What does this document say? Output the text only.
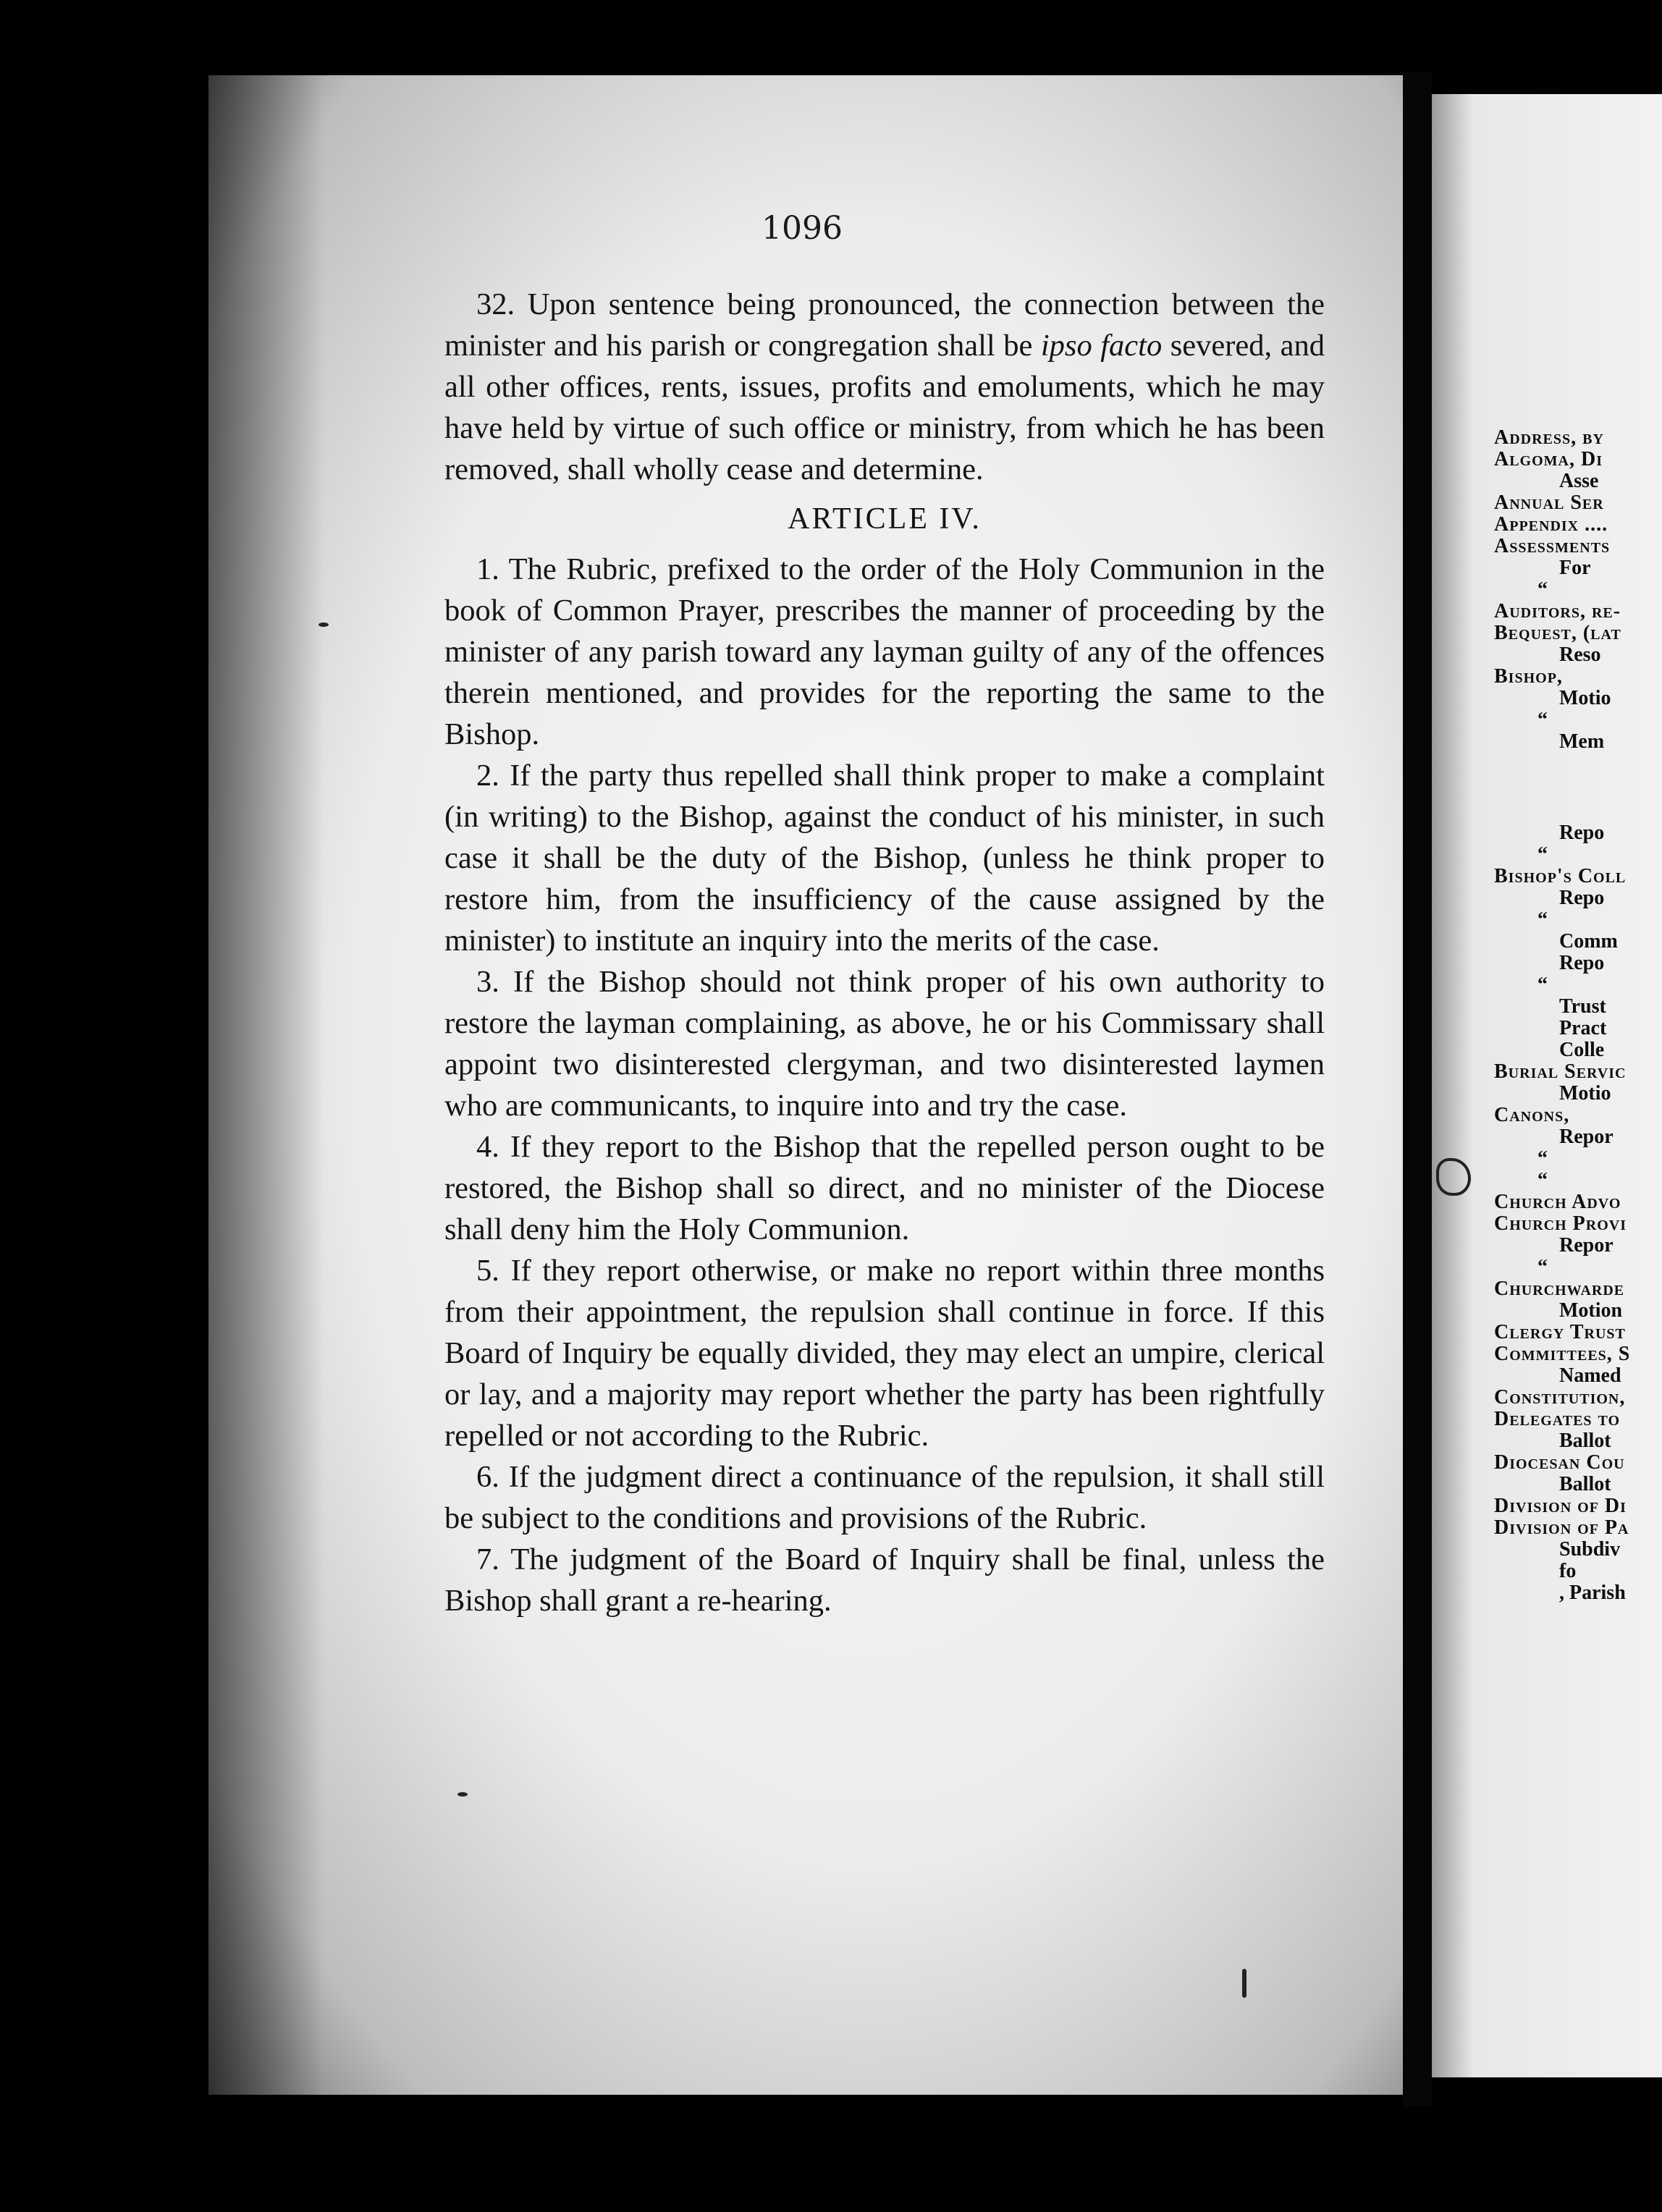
1096

32. Upon sentence being pronounced, the connection between the minister and his parish or congregation shall be ipso facto severed, and all other offices, rents, issues, profits and emoluments, which he may have held by virtue of such office or ministry, from which he has been removed, shall wholly cease and determine.

ARTICLE IV.

1. The Rubric, prefixed to the order of the Holy Communion in the book of Common Prayer, prescribes the manner of proceeding by the minister of any parish toward any layman guilty of any of the offences therein mentioned, and provides for the reporting the same to the Bishop.

2. If the party thus repelled shall think proper to make a complaint (in writing) to the Bishop, against the conduct of his minister, in such case it shall be the duty of the Bishop, (unless he think proper to restore him, from the insufficiency of the cause assigned by the minister) to institute an inquiry into the merits of the case.

3. If the Bishop should not think proper of his own authority to restore the layman complaining, as above, he or his Commissary shall appoint two disinterested clergyman, and two disinterested laymen who are communicants, to inquire into and try the case.

4. If they report to the Bishop that the repelled person ought to be restored, the Bishop shall so direct, and no minister of the Diocese shall deny him the Holy Communion.

5. If they report otherwise, or make no report within three months from their appointment, the repulsion shall continue in force. If this Board of Inquiry be equally divided, they may elect an umpire, clerical or lay, and a majority may report whether the party has been rightfully repelled or not according to the Rubric.

6. If the judgment direct a continuance of the repulsion, it shall still be subject to the conditions and provisions of the Rubric.

7. The judgment of the Board of Inquiry shall be final, unless the Bishop shall grant a re-hearing.

Address, by
Algoma, Di
Asse
Annual Ser
Appendix ....
Assessments
For
“
Auditors, re-
Bequest, (lat
Reso
Bishop,
Motio
“
Mem
Repo
“
Bishop's Coll
Repo
“
Comm
Repo
“
Trust
Pract
Colle
Burial Servic
Motio
Canons,
Repor
“
“
Church Advo
Church Provi
Repor
“
Churchwarde
Motion
Clergy Trust
Committees, S
Named
Constitution,
Delegates to
Ballot
Diocesan Cou
Ballot
Division of Di
Division of Pa
Subdiv
fo
, Parish
